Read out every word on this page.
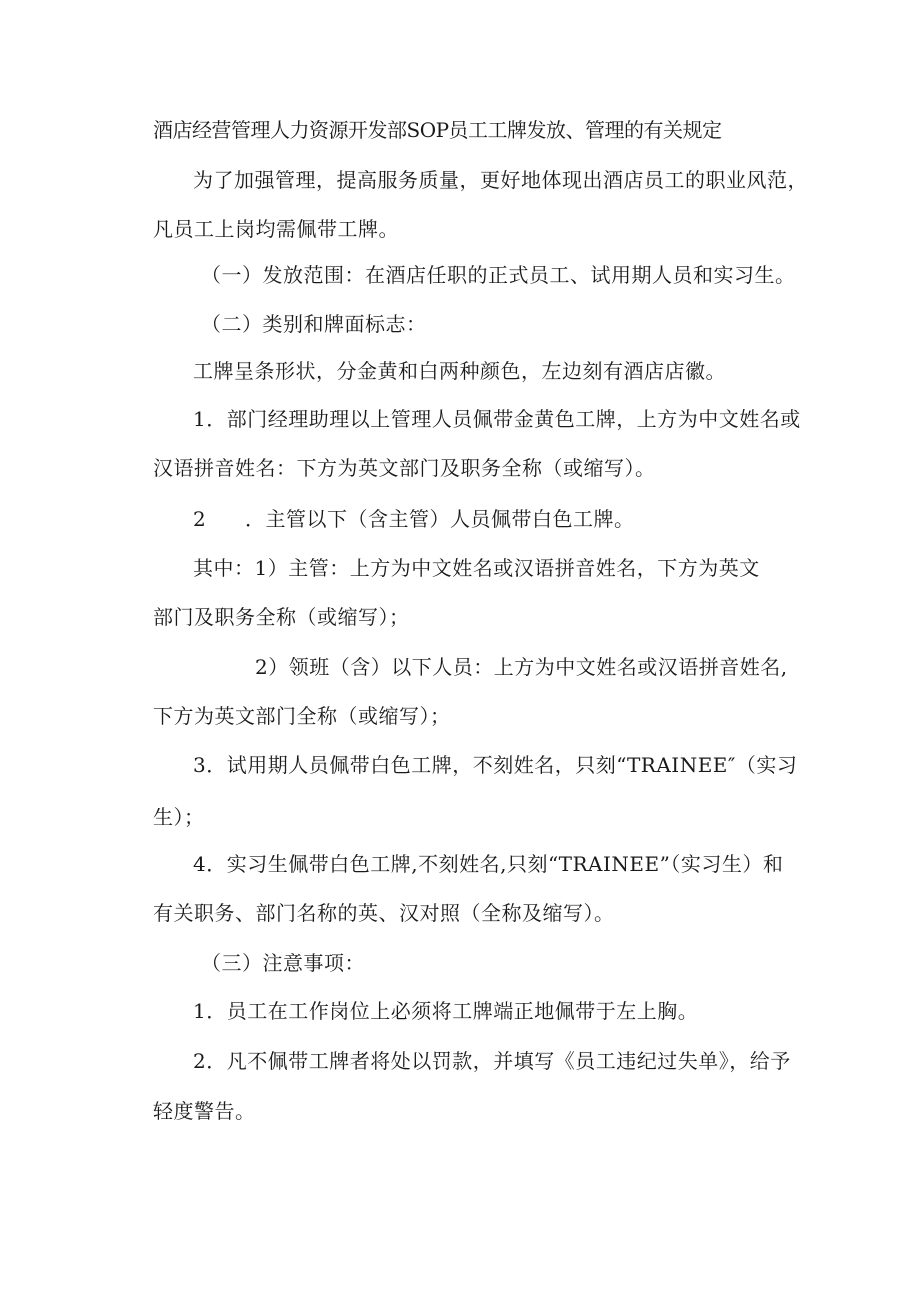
酒店经营管理人力资源开发部SOP员工工牌发放、管理的有关规定
为了加强管理，提高服务质量，更好地体现出酒店员工的职业风范，
凡员工上岗均需佩带工牌。
（一）发放范围：在酒店任职的正式员工、试用期人员和实习生。
（二）类别和牌面标志：
工牌呈条形状，分金黄和白两种颜色，左边刻有酒店店徽。
1．部门经理助理以上管理人员佩带金黄色工牌，上方为中文姓名或
汉语拼音姓名：下方为英文部门及职务全称（或缩写）。
2 ．主管以下（含主管）人员佩带白色工牌。
其中：1）主管：上方为中文姓名或汉语拼音姓名，下方为英文
部门及职务全称（或缩写）；
2）领班（含）以下人员：上方为中文姓名或汉语拼音姓名,
下方为英文部门全称（或缩写）；
3．试用期人员佩带白色工牌，不刻姓名，只刻“TRAINEE″（实习
生）；
4．实习生佩带白色工牌,不刻姓名,只刻“TRAINEE”（实习生）和
有关职务、部门名称的英、汉对照（全称及缩写）。
（三）注意事项：
1．员工在工作岗位上必须将工牌端正地佩带于左上胸。
2．凡不佩带工牌者将处以罚款，并填写《员工违纪过失单》，给予
轻度警告。
